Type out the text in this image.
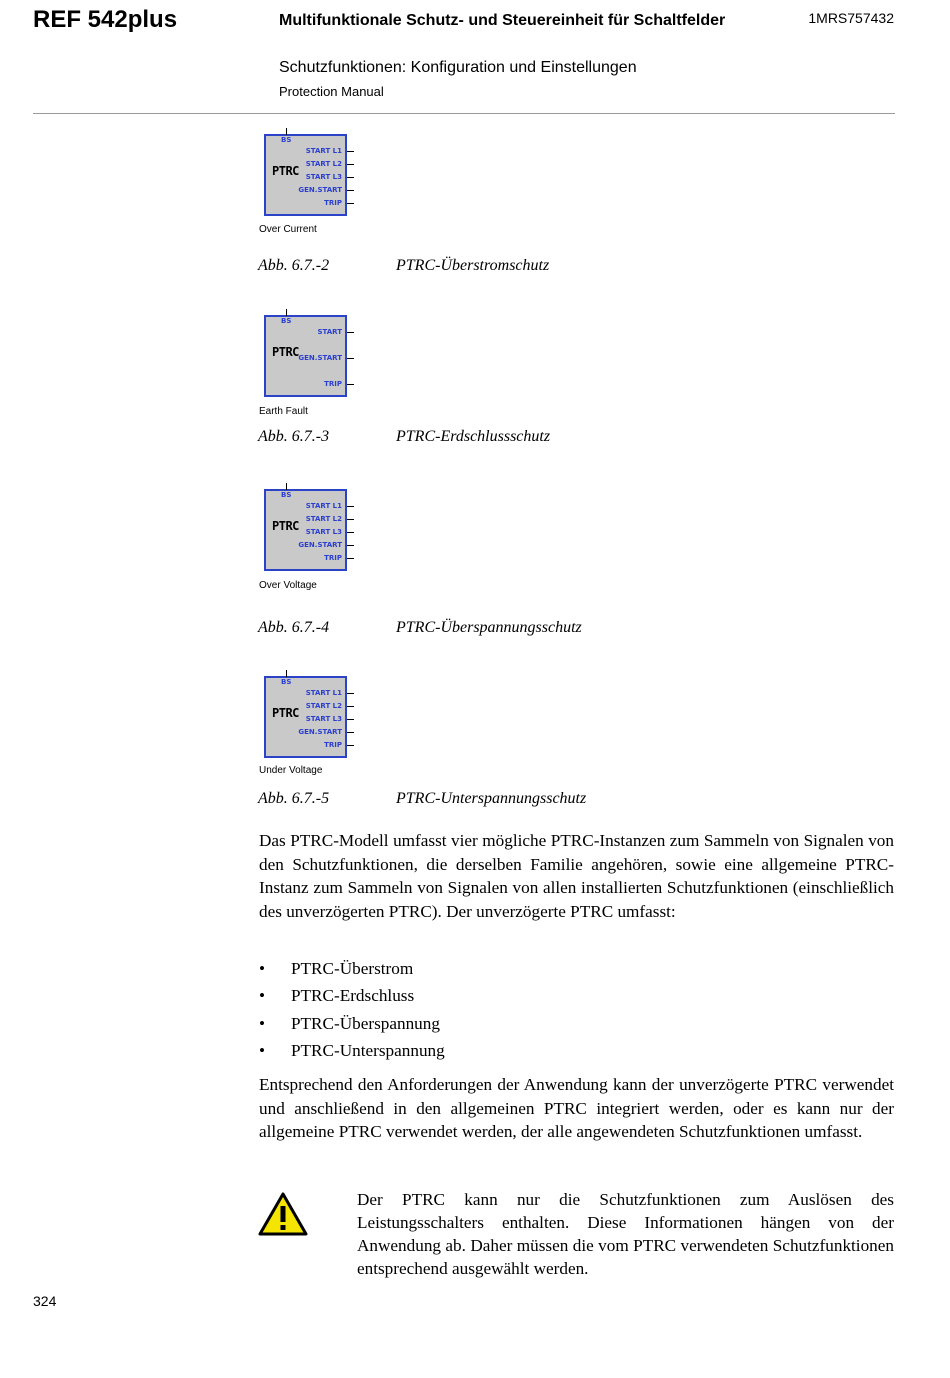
REF 542plus	Multifunktionale Schutz- und Steuereinheit für Schaltfelder
Schutzfunktionen: Konfiguration und Einstellungen
Protection Manual
1MRS757432
BS
PTRC
START L1
START L2
START L3
GEN.START
TRIP
Over Current
Abb. 6.7.-2	PTRC-Überstromschutz
BS
PTRC
START
GEN.START
TRIP
Earth Fault
Abb. 6.7.-3	PTRC-Erdschlussschutz
BS
PTRC
START L1
START L2
START L3
GEN.START
TRIP
Over Voltage
Abb. 6.7.-4	PTRC-Überspannungsschutz
BS
PTRC
START L1
START L2
START L3
GEN.START
TRIP
Under Voltage
Abb. 6.7.-5	PTRC-Unterspannungsschutz
Das PTRC-Modell umfasst vier mögliche PTRC-Instanzen zum Sammeln von Signalen von den Schutzfunktionen, die derselben Familie angehören, sowie eine allgemeine PTRC-Instanz zum Sammeln von Signalen von allen installierten Schutzfunktionen (einschließlich des unverzögerten PTRC). Der unverzögerte PTRC umfasst:
• PTRC-Überstrom
• PTRC-Erdschluss
• PTRC-Überspannung
• PTRC-Unterspannung
Entsprechend den Anforderungen der Anwendung kann der unverzögerte PTRC verwendet und anschließend in den allgemeinen PTRC integriert werden, oder es kann nur der allgemeine PTRC verwendet werden, der alle angewendeten Schutzfunktionen umfasst.
Der PTRC kann nur die Schutzfunktionen zum Auslösen des Leistungsschalters enthalten. Diese Informationen hängen von der Anwendung ab. Daher müssen die vom PTRC verwendeten Schutzfunktionen entsprechend ausgewählt werden.
324
